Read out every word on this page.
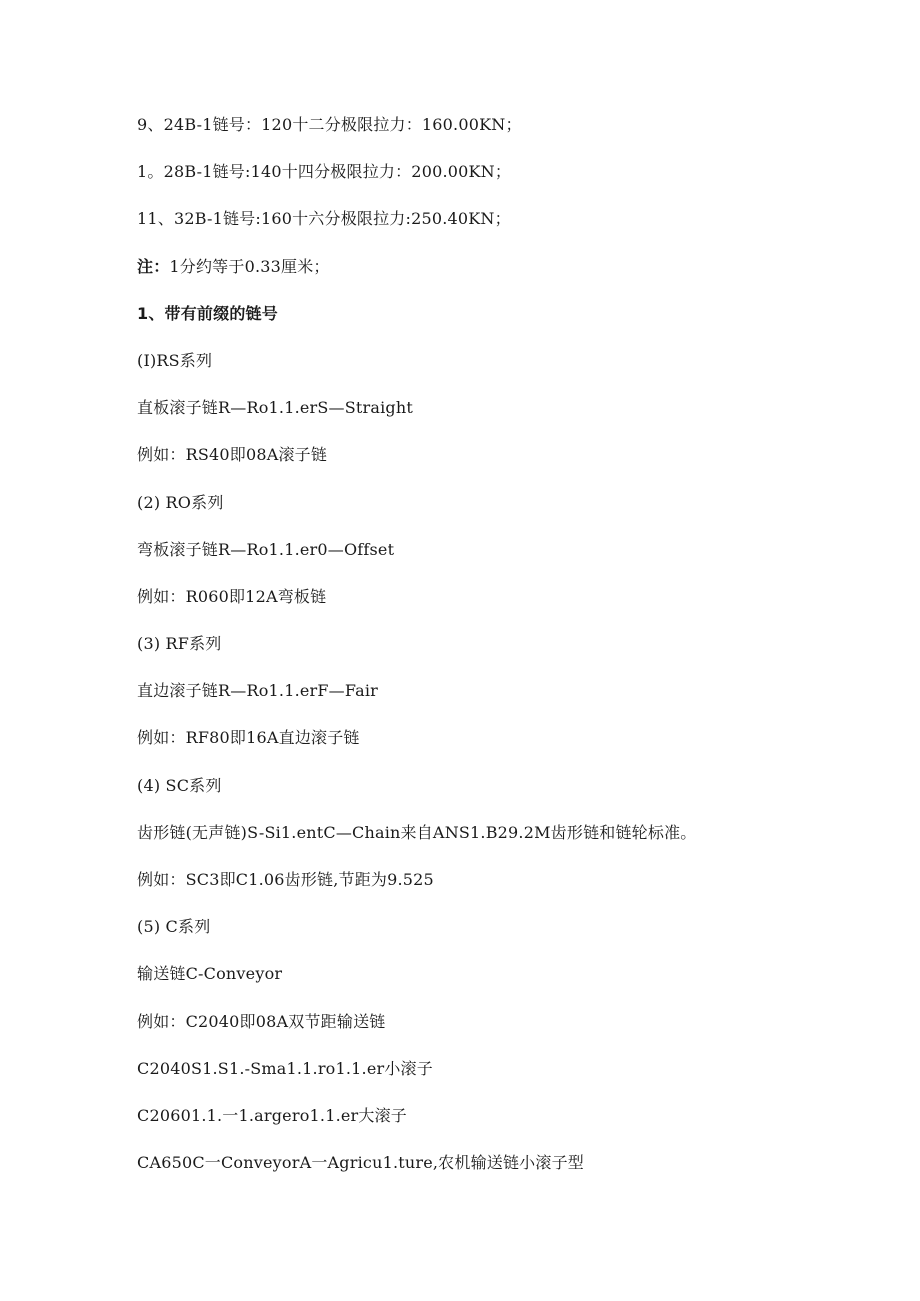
9、24B-1链号：120十二分极限拉力：160.00KN；
1。28B-1链号:140十四分极限拉力：200.00KN；
11、32B-1链号:160十六分极限拉力:250.40KN；
注：1分约等于0.33厘米；
1、带有前缀的链号
(I)RS系列
直板滚子链R—Ro1.1.erS—Straight
例如：RS40即08A滚子链
(2) RO系列
弯板滚子链R—Ro1.1.er0—Offset
例如：R060即12A弯板链
(3) RF系列
直边滚子链R—Ro1.1.erF—Fair
例如：RF80即16A直边滚子链
(4) SC系列
齿形链(无声链)S-Si1.entC—Chain来自ANS1.B29.2M齿形链和链轮标准。
例如：SC3即C1.06齿形链,节距为9.525
(5) C系列
输送链C-Conveyor
例如：C2040即08A双节距输送链
C2040S1.S1.-Sma1.1.ro1.1.er小滚子
C20601.1.一1.argero1.1.er大滚子
CA650C一ConveyorA一Agricu1.ture,农机输送链小滚子型
